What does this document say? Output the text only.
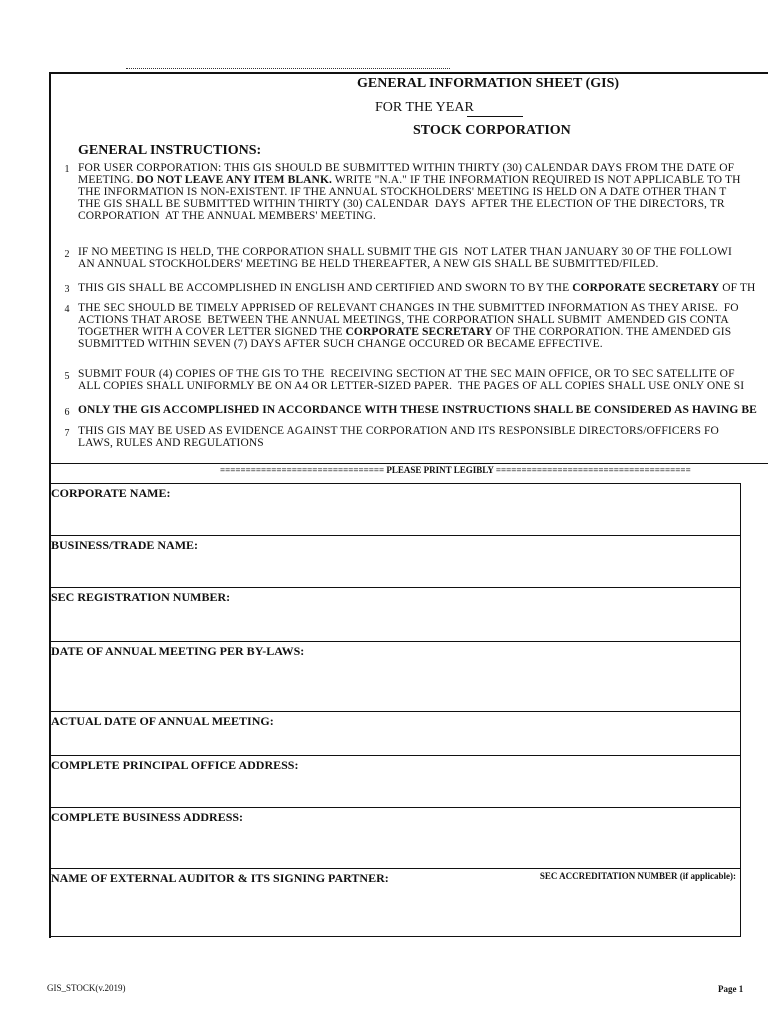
GENERAL INFORMATION SHEET (GIS)
FOR THE YEAR
STOCK CORPORATION
GENERAL INSTRUCTIONS:
1 FOR USER CORPORATION: THIS GIS SHOULD BE SUBMITTED WITHIN THIRTY (30) CALENDAR DAYS FROM THE DATE OF
MEETING. DO NOT LEAVE ANY ITEM BLANK. WRITE "N.A." IF THE INFORMATION REQUIRED IS NOT APPLICABLE TO TH
THE INFORMATION IS NON-EXISTENT. IF THE ANNUAL STOCKHOLDERS' MEETING IS HELD ON A DATE OTHER THAN T
THE GIS SHALL BE SUBMITTED WITHIN THIRTY (30) CALENDAR  DAYS  AFTER THE ELECTION OF THE DIRECTORS, TR
CORPORATION  AT THE ANNUAL MEMBERS' MEETING.
2 IF NO MEETING IS HELD, THE CORPORATION SHALL SUBMIT THE GIS  NOT LATER THAN JANUARY 30 OF THE FOLLOWI
AN ANNUAL STOCKHOLDERS' MEETING BE HELD THEREAFTER, A NEW GIS SHALL BE SUBMITTED/FILED.
3 THIS GIS SHALL BE ACCOMPLISHED IN ENGLISH AND CERTIFIED AND SWORN TO BY THE CORPORATE SECRETARY OF TH
4 THE SEC SHOULD BE TIMELY APPRISED OF RELEVANT CHANGES IN THE SUBMITTED INFORMATION AS THEY ARISE.  FO
ACTIONS THAT AROSE  BETWEEN THE ANNUAL MEETINGS, THE CORPORATION SHALL SUBMIT  AMENDED GIS CONTA
TOGETHER WITH A COVER LETTER SIGNED THE CORPORATE SECRETARY OF THE CORPORATION. THE AMENDED GIS
SUBMITTED WITHIN SEVEN (7) DAYS AFTER SUCH CHANGE OCCURED OR BECAME EFFECTIVE.
5 SUBMIT FOUR (4) COPIES OF THE GIS TO THE  RECEIVING SECTION AT THE SEC MAIN OFFICE, OR TO SEC SATELLITE OF
ALL COPIES SHALL UNIFORMLY BE ON A4 OR LETTER-SIZED PAPER.  THE PAGES OF ALL COPIES SHALL USE ONLY ONE SI
6 ONLY THE GIS ACCOMPLISHED IN ACCORDANCE WITH THESE INSTRUCTIONS SHALL BE CONSIDERED AS HAVING BE
7 THIS GIS MAY BE USED AS EVIDENCE AGAINST THE CORPORATION AND ITS RESPONSIBLE DIRECTORS/OFFICERS FO
LAWS, RULES AND REGULATIONS
================================ PLEASE PRINT LEGIBLY ======================================
CORPORATE NAME:
BUSINESS/TRADE NAME:
SEC REGISTRATION NUMBER:
DATE OF ANNUAL MEETING PER BY-LAWS:
ACTUAL DATE OF ANNUAL MEETING:
COMPLETE PRINCIPAL OFFICE ADDRESS:
COMPLETE BUSINESS ADDRESS:
NAME OF EXTERNAL AUDITOR & ITS SIGNING PARTNER:	SEC ACCREDITATION NUMBER (if applicable):
GIS_STOCK(v.2019)	Page 1
